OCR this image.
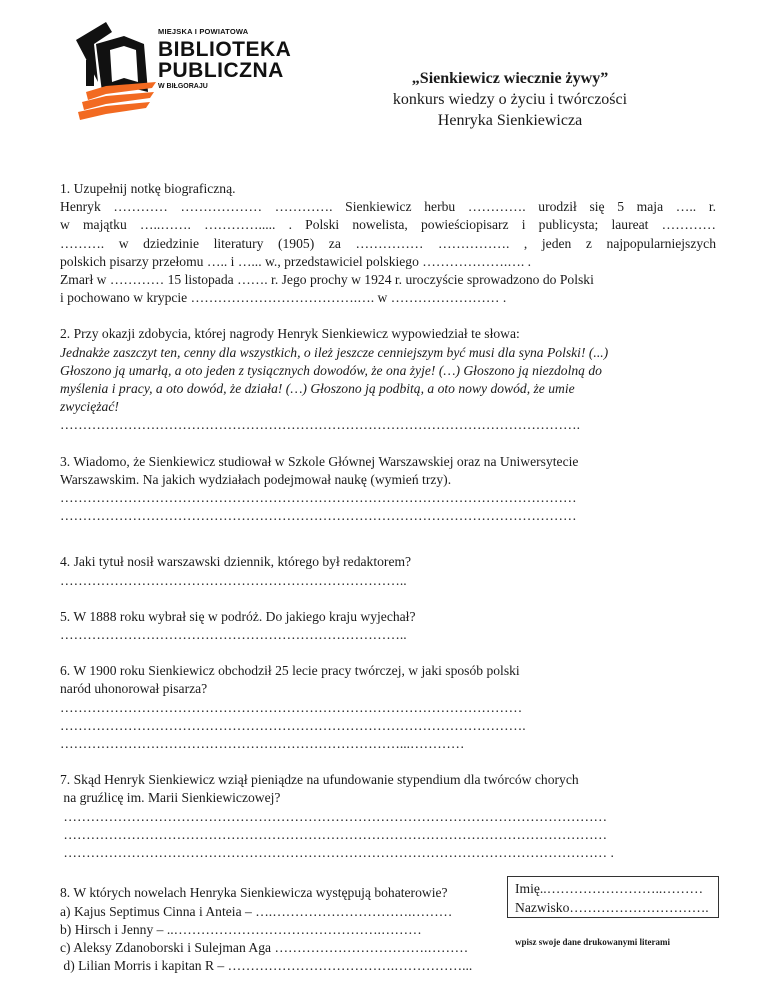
MIEJSKA I POWIATOWA
BIBLIOTEKA
PUBLICZNA
W BIŁGORAJU	„Sienkiewicz wiecznie żywy”
konkurs wiedzy o życiu i twórczości
Henryka Sienkiewicza
1. Uzupełnij notkę biograficzną.
Henryk ………… ……………… …………. Sienkiewicz herbu …………. urodził się 5 maja ….. r.
w majątku …..……. …………..... . Polski nowelista, powieściopisarz i publicysta; laureat …………
………. w dziedzinie literatury (1905) za …………… ……………. , jeden z najpopularniejszych
polskich pisarzy przełomu ….. i …... w., przedstawiciel polskiego ……………….…. .
Zmarł w ………… 15 listopada ……. r. Jego prochy w 1924 r. uroczyście sprowadzono do Polski
i pochowano w krypcie ……………………………….…. w …………………… .
2. Przy okazji zdobycia, której nagrody Henryk Sienkiewicz wypowiedział te słowa:
Jednakże zaszczyt ten, cenny dla wszystkich, o ileż jeszcze cenniejszym być musi dla syna Polski! (...)
Głoszono ją umarłą, a oto jeden z tysiącznych dowodów, że ona żyje! (…) Głoszono ją niezdolną do
myślenia i pracy, a oto dowód, że działa! (…) Głoszono ją podbitą, a oto nowy dowód, że umie
zwyciężać!
…………………………………………………………………………………………………….
3. Wiadomo, że Sienkiewicz studiował w Szkole Głównej Warszawskiej oraz na Uniwersytecie
Warszawskim. Na jakich wydziałach podejmował naukę (wymień trzy).
……………………………………………………………………………………………………
……………………………………………………………………………………………………
4. Jaki tytuł nosił warszawski dziennik, którego był redaktorem?
…………………………………………………………………..
5. W 1888 roku wybrał się w podróż. Do jakiego kraju wyjechał?
…………………………………………………………………..
6. W 1900 roku Sienkiewicz obchodził 25 lecie pracy twórczej, w jaki sposób polski
naród uhonorował pisarza?
…………………………………………………………………………………………
………………………………………………………………………………………….
…………………………………………………………………...…………
7. Skąd Henryk Sienkiewicz wziął pieniądze na ufundowanie stypendium dla twórców chorych
na gruźlicę im. Marii Sienkiewiczowej?
…………………………………………………………………………………………………………
…………………………………………………………………………………………………………
………………………………………………………………………………………………………… .
8. W których nowelach Henryka Sienkiewicza występują bohaterowie?
a) Kajus Septimus Cinna i Anteia – ….………………………….………
b) Hirsch i Jenny – ..……………………………………….………
c) Aleksy Zdanoborski i Sulejman Aga …………………………….………
d) Lilian Morris i kapitan R – ……………………………….……………...
Imię..……………………..………
Nazwisko………………………….
wpisz swoje dane drukowanymi literami
